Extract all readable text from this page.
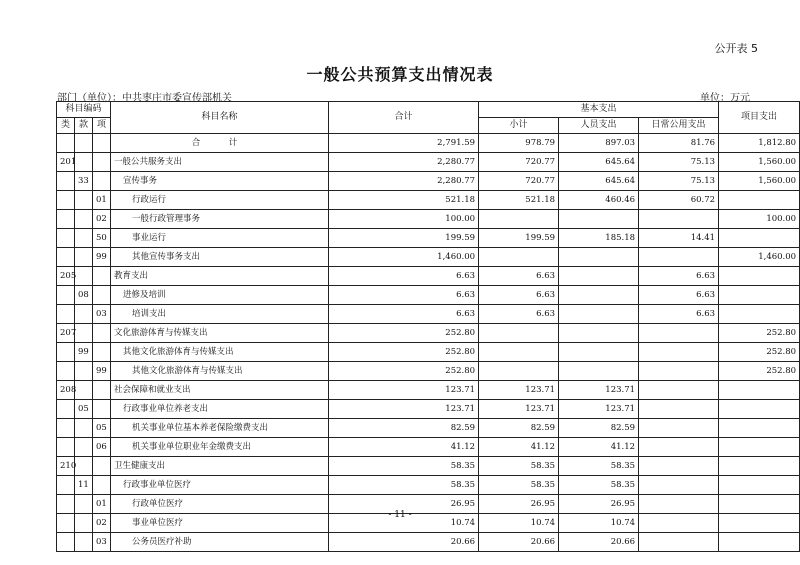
公开表 5
一般公共预算支出情况表
部门（单位）：中共枣庄市委宣传部机关	单位：万元
科目编码			科目名称	合计	基本支出			项目支出
类	款	项			小计	人员支出	日常公用支出	
			合　计	2,791.59	978.79	897.03	81.76	1,812.80
201			一般公共服务支出	2,280.77	720.77	645.64	75.13	1,560.00
	33		宣传事务	2,280.77	720.77	645.64	75.13	1,560.00
		01	行政运行	521.18	521.18	460.46	60.72	
		02	一般行政管理事务	100.00				100.00
		50	事业运行	199.59	199.59	185.18	14.41	
		99	其他宣传事务支出	1,460.00				1,460.00
205			教育支出	6.63	6.63		6.63	
	08		进修及培训	6.63	6.63		6.63	
		03	培训支出	6.63	6.63		6.63	
207			文化旅游体育与传媒支出	252.80				252.80
	99		其他文化旅游体育与传媒支出	252.80				252.80
		99	其他文化旅游体育与传媒支出	252.80				252.80
208			社会保障和就业支出	123.71	123.71	123.71		
	05		行政事业单位养老支出	123.71	123.71	123.71		
		05	机关事业单位基本养老保险缴费支出	82.59	82.59	82.59		
		06	机关事业单位职业年金缴费支出	41.12	41.12	41.12		
210			卫生健康支出	58.35	58.35	58.35		
	11		行政事业单位医疗	58.35	58.35	58.35		
		01	行政单位医疗	26.95	26.95	26.95		
		02	事业单位医疗	10.74	10.74	10.74		
		03	公务员医疗补助	20.66	20.66	20.66		
- 11 -
